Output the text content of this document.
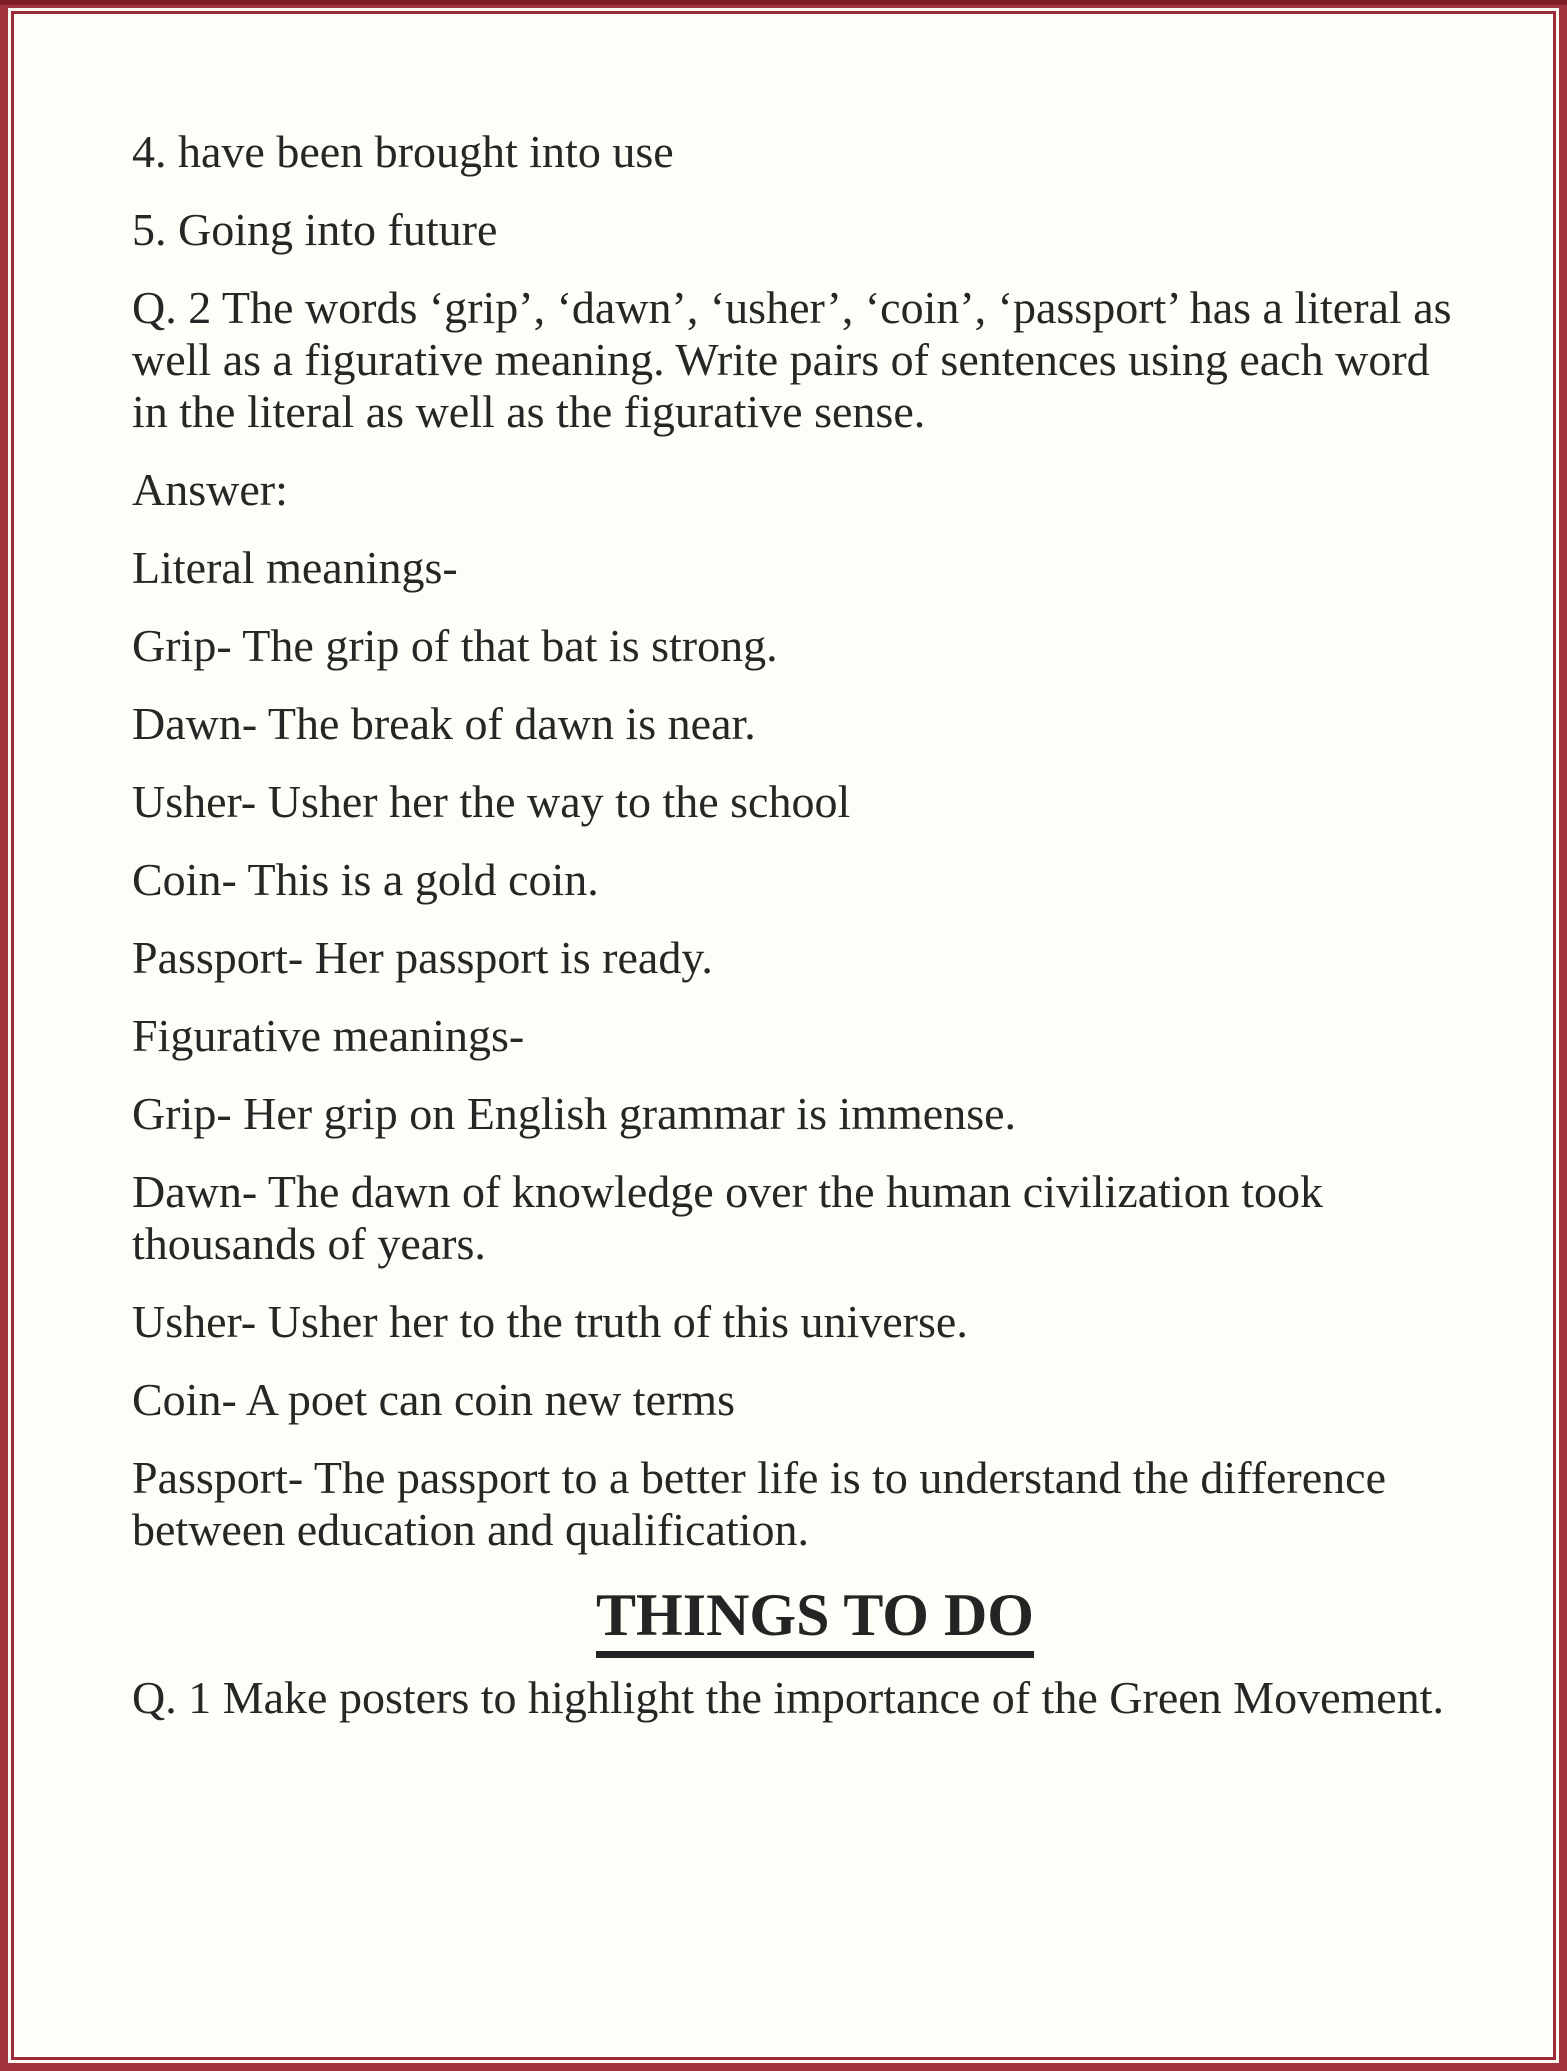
4. have been brought into use

5. Going into future

Q. 2 The words ‘grip’, ‘dawn’, ‘usher’, ‘coin’, ‘passport’ has a literal as
well as a figurative meaning. Write pairs of sentences using each word
in the literal as well as the figurative sense.

Answer:

Literal meanings-

Grip- The grip of that bat is strong.

Dawn- The break of dawn is near.

Usher- Usher her the way to the school

Coin- This is a gold coin.

Passport- Her passport is ready.

Figurative meanings-

Grip- Her grip on English grammar is immense.

Dawn- The dawn of knowledge over the human civilization took
thousands of years.

Usher- Usher her to the truth of this universe.

Coin- A poet can coin new terms

Passport- The passport to a better life is to understand the difference
between education and qualification.

THINGS TO DO

Q. 1 Make posters to highlight the importance of the Green Movement.
